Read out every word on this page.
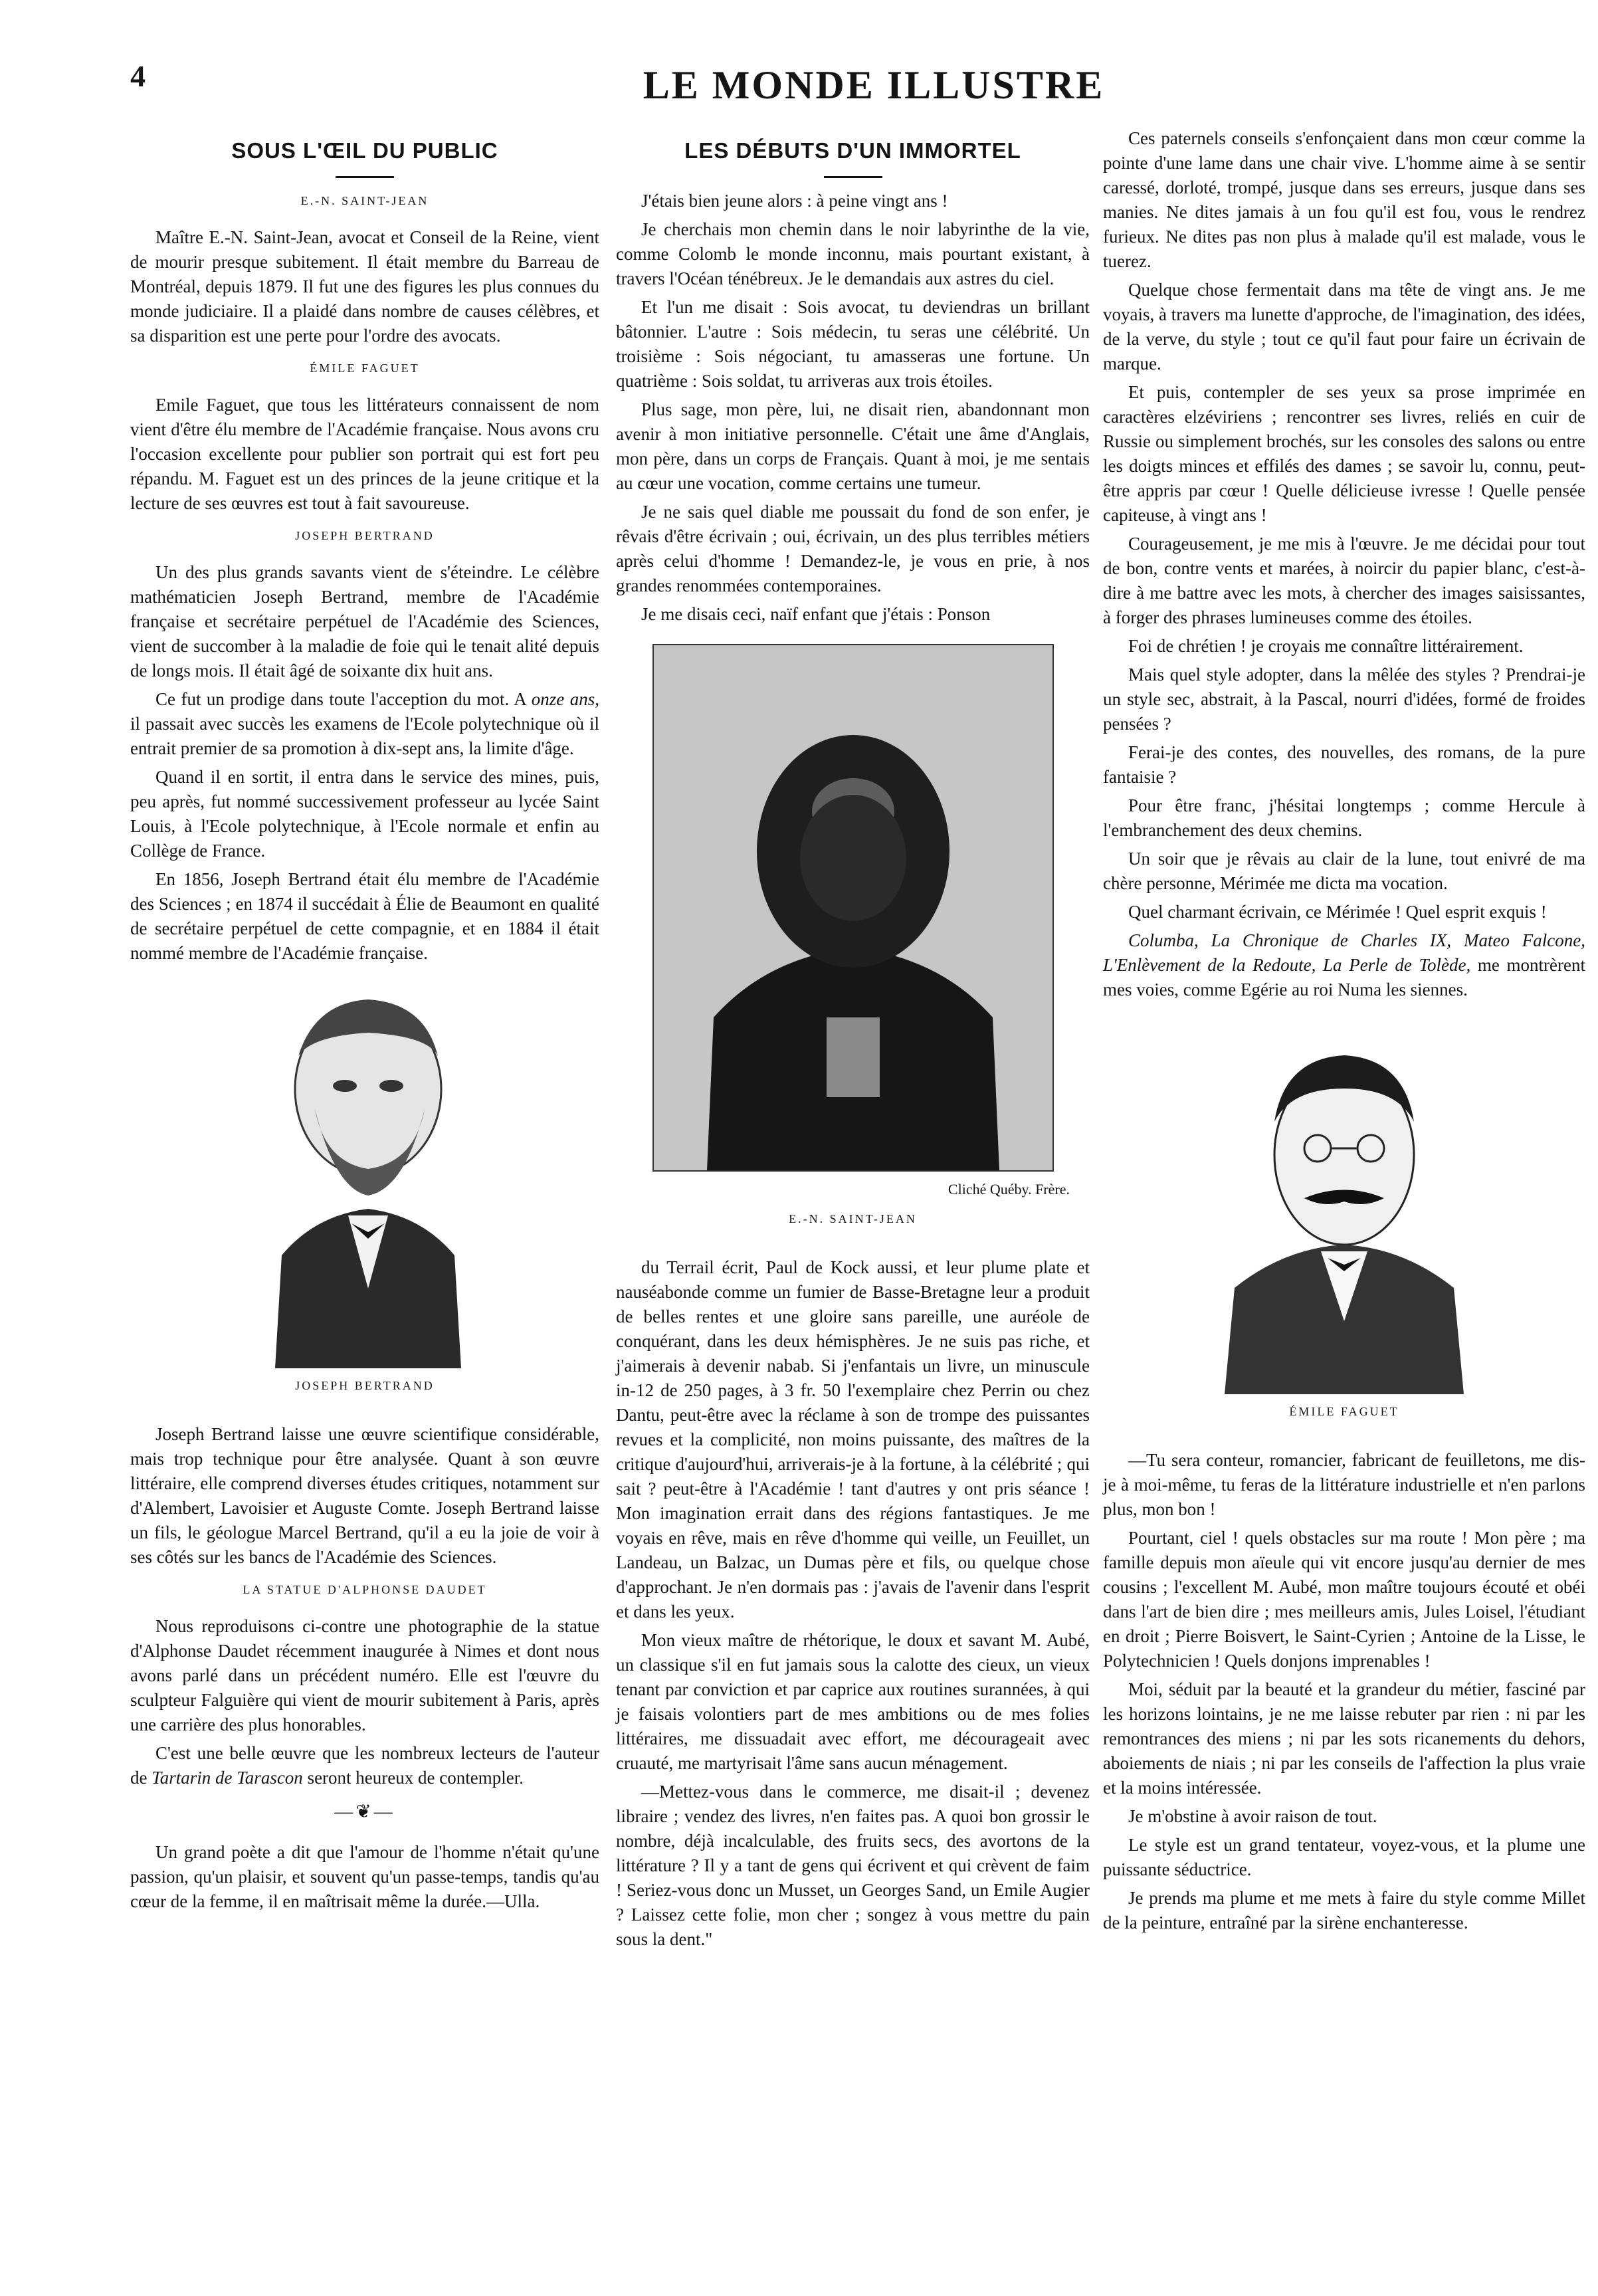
4	LE MONDE ILLUSTRE
SOUS L'ŒIL DU PUBLIC
E.-N. SAINT-JEAN

Maître E.-N. Saint-Jean, avocat et Conseil de la Reine, vient de mourir presque subitement. Il était membre du Barreau de Montréal, depuis 1879. Il fut une des figures les plus connues du monde judiciaire. Il a plaidé dans nombre de causes célèbres, et sa disparition est une perte pour l'ordre des avocats.

ÉMILE FAGUET

Emile Faguet, que tous les littérateurs connaissent de nom vient d'être élu membre de l'Académie française. Nous avons cru l'occasion excellente pour publier son portrait qui est fort peu répandu. M. Faguet est un des princes de la jeune critique et la lecture de ses œuvres est tout à fait savoureuse.

JOSEPH BERTRAND

Un des plus grands savants vient de s'éteindre. Le célèbre mathématicien Joseph Bertrand, membre de l'Académie française et secrétaire perpétuel de l'Académie des Sciences, vient de succomber à la maladie de foie qui le tenait alité depuis de longs mois. Il était âgé de soixante dix huit ans.

Ce fut un prodige dans toute l'acception du mot. A onze ans, il passait avec succès les examens de l'Ecole polytechnique où il entrait premier de sa promotion à dix-sept ans, la limite d'âge.

Quand il en sortit, il entra dans le service des mines, puis, peu après, fut nommé successivement professeur au lycée Saint Louis, à l'Ecole polytechnique, à l'Ecole normale et enfin au Collège de France.

En 1856, Joseph Bertrand était élu membre de l'Académie des Sciences ; en 1874 il succédait à Élie de Beaumont en qualité de secrétaire perpétuel de cette compagnie, et en 1884 il était nommé membre de l'Académie française.

JOSEPH BERTRAND

Joseph Bertrand laisse une œuvre scientifique considérable, mais trop technique pour être analysée. Quant à son œuvre littéraire, elle comprend diverses études critiques, notamment sur d'Alembert, Lavoisier et Auguste Comte. Joseph Bertrand laisse un fils, le géologue Marcel Bertrand, qu'il a eu la joie de voir à ses côtés sur les bancs de l'Académie des Sciences.

LA STATUE D'ALPHONSE DAUDET

Nous reproduisons ci-contre une photographie de la statue d'Alphonse Daudet récemment inaugurée à Nimes et dont nous avons parlé dans un précédent numéro. Elle est l'œuvre du sculpteur Falguière qui vient de mourir subitement à Paris, après une carrière des plus honorables.

C'est une belle œuvre que les nombreux lecteurs de l'auteur de Tartarin de Tarascon seront heureux de contempler.

—❦—

Un grand poète a dit que l'amour de l'homme n'était qu'une passion, qu'un plaisir, et souvent qu'un passe-temps, tandis qu'au cœur de la femme, il en maîtrisait même la durée.—Ulla.

LES DÉBUTS D'UN IMMORTEL

J'étais bien jeune alors : à peine vingt ans !

Je cherchais mon chemin dans le noir labyrinthe de la vie, comme Colomb le monde inconnu, mais pourtant existant, à travers l'Océan ténébreux. Je le demandais aux astres du ciel.

Et l'un me disait : Sois avocat, tu deviendras un brillant bâtonnier. L'autre : Sois médecin, tu seras une célébrité. Un troisième : Sois négociant, tu amasseras une fortune. Un quatrième : Sois soldat, tu arriveras aux trois étoiles.

Plus sage, mon père, lui, ne disait rien, abandonnant mon avenir à mon initiative personnelle. C'était une âme d'Anglais, mon père, dans un corps de Français. Quant à moi, je me sentais au cœur une vocation, comme certains une tumeur.

Je ne sais quel diable me poussait du fond de son enfer, je rêvais d'être écrivain ; oui, écrivain, un des plus terribles métiers après celui d'homme ! Demandez-le, je vous en prie, à nos grandes renommées contemporaines.

Je me disais ceci, naïf enfant que j'étais : Ponson

Cliché Québy. Frère.
E.-N. SAINT-JEAN

du Terrail écrit, Paul de Kock aussi, et leur plume plate et nauséabonde comme un fumier de Basse-Bretagne leur a produit de belles rentes et une gloire sans pareille, une auréole de conquérant, dans les deux hémisphères. Je ne suis pas riche, et j'aimerais à devenir nabab. Si j'enfantais un livre, un minuscule in-12 de 250 pages, à 3 fr. 50 l'exemplaire chez Perrin ou chez Dantu, peut-être avec la réclame à son de trompe des puissantes revues et la complicité, non moins puissante, des maîtres de la critique d'aujourd'hui, arriverais-je à la fortune, à la célébrité ; qui sait ? peut-être à l'Académie ! tant d'autres y ont pris séance ! Mon imagination errait dans des régions fantastiques. Je me voyais en rêve, mais en rêve d'homme qui veille, un Feuillet, un Landeau, un Balzac, un Dumas père et fils, ou quelque chose d'approchant. Je n'en dormais pas : j'avais de l'avenir dans l'esprit et dans les yeux.

Mon vieux maître de rhétorique, le doux et savant M. Aubé, un classique s'il en fut jamais sous la calotte des cieux, un vieux tenant par conviction et par caprice aux routines surannées, à qui je faisais volontiers part de mes ambitions ou de mes folies littéraires, me dissuadait avec effort, me décourageait avec cruauté, me martyrisait l'âme sans aucun ménagement.

—Mettez-vous dans le commerce, me disait-il ; devenez libraire ; vendez des livres, n'en faites pas. A quoi bon grossir le nombre, déjà incalculable, des fruits secs, des avortons de la littérature ? Il y a tant de gens qui écrivent et qui crèvent de faim ! Seriez-vous donc un Musset, un Georges Sand, un Emile Augier ? Laissez cette folie, mon cher ; songez à vous mettre du pain sous la dent."

Ces paternels conseils s'enfonçaient dans mon cœur comme la pointe d'une lame dans une chair vive. L'homme aime à se sentir caressé, dorloté, trompé, jusque dans ses erreurs, jusque dans ses manies. Ne dites jamais à un fou qu'il est fou, vous le rendrez furieux. Ne dites pas non plus à malade qu'il est malade, vous le tuerez.

Quelque chose fermentait dans ma tête de vingt ans. Je me voyais, à travers ma lunette d'approche, de l'imagination, des idées, de la verve, du style ; tout ce qu'il faut pour faire un écrivain de marque.

Et puis, contempler de ses yeux sa prose imprimée en caractères elzéviriens ; rencontrer ses livres, reliés en cuir de Russie ou simplement brochés, sur les consoles des salons ou entre les doigts minces et effilés des dames ; se savoir lu, connu, peut-être appris par cœur ! Quelle délicieuse ivresse ! Quelle pensée capiteuse, à vingt ans !

Courageusement, je me mis à l'œuvre. Je me décidai pour tout de bon, contre vents et marées, à noircir du papier blanc, c'est-à-dire à me battre avec les mots, à chercher des images saisissantes, à forger des phrases lumineuses comme des étoiles.

Foi de chrétien ! je croyais me connaître littérairement.

Mais quel style adopter, dans la mêlée des styles ? Prendrai-je un style sec, abstrait, à la Pascal, nourri d'idées, formé de froides pensées ?

Ferai-je des contes, des nouvelles, des romans, de la pure fantaisie ?

Pour être franc, j'hésitai longtemps ; comme Hercule à l'embranchement des deux chemins.

Un soir que je rêvais au clair de la lune, tout enivré de ma chère personne, Mérimée me dicta ma vocation.

Quel charmant écrivain, ce Mérimée ! Quel esprit exquis !

Columba, La Chronique de Charles IX, Mateo Falcone, L'Enlèvement de la Redoute, La Perle de Tolède, me montrèrent mes voies, comme Egérie au roi Numa les siennes.

ÉMILE FAGUET

—Tu sera conteur, romancier, fabricant de feuilletons, me dis-je à moi-même, tu feras de la littérature industrielle et n'en parlons plus, mon bon !

Pourtant, ciel ! quels obstacles sur ma route ! Mon père ; ma famille depuis mon aïeule qui vit encore jusqu'au dernier de mes cousins ; l'excellent M. Aubé, mon maître toujours écouté et obéi dans l'art de bien dire ; mes meilleurs amis, Jules Loisel, l'étudiant en droit ; Pierre Boisvert, le Saint-Cyrien ; Antoine de la Lisse, le Polytechnicien ! Quels donjons imprenables !

Moi, séduit par la beauté et la grandeur du métier, fasciné par les horizons lointains, je ne me laisse rebuter par rien : ni par les remontrances des miens ; ni par les sots ricanements du dehors, aboiements de niais ; ni par les conseils de l'affection la plus vraie et la moins intéressée.

Je m'obstine à avoir raison de tout.

Le style est un grand tentateur, voyez-vous, et la plume une puissante séductrice.

Je prends ma plume et me mets à faire du style comme Millet de la peinture, entraîné par la sirène enchanteresse.
